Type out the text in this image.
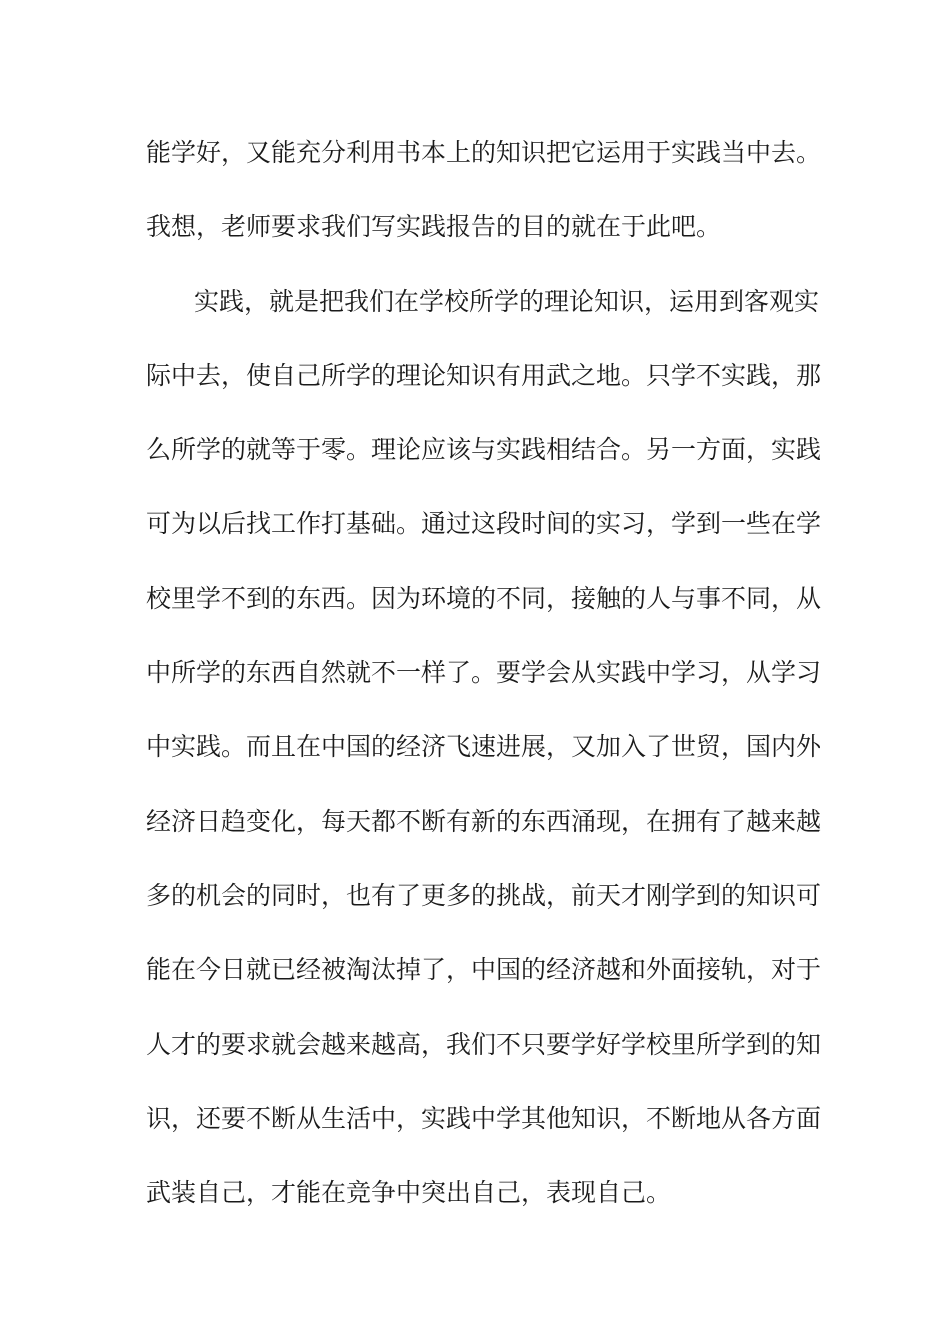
能学好，又能充分利用书本上的知识把它运用于实践当中去。
我想，老师要求我们写实践报告的目的就在于此吧。
实践，就是把我们在学校所学的理论知识，运用到客观实
际中去，使自己所学的理论知识有用武之地。只学不实践，那
么所学的就等于零。理论应该与实践相结合。另一方面，实践
可为以后找工作打基础。通过这段时间的实习，学到一些在学
校里学不到的东西。因为环境的不同，接触的人与事不同，从
中所学的东西自然就不一样了。要学会从实践中学习，从学习
中实践。而且在中国的经济飞速进展，又加入了世贸，国内外
经济日趋变化，每天都不断有新的东西涌现，在拥有了越来越
多的机会的同时，也有了更多的挑战，前天才刚学到的知识可
能在今日就已经被淘汰掉了，中国的经济越和外面接轨，对于
人才的要求就会越来越高，我们不只要学好学校里所学到的知
识，还要不断从生活中，实践中学其他知识，不断地从各方面
武装自己，才能在竞争中突出自己，表现自己。
